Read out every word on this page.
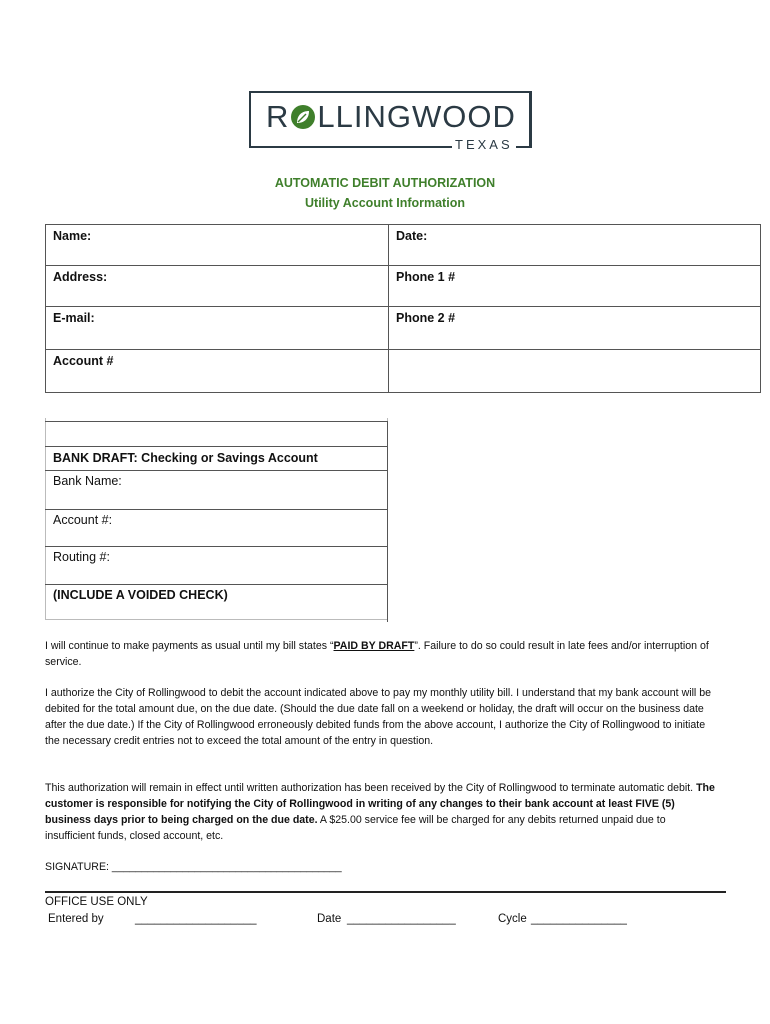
R LLINGWOOD
TEXAS
AUTOMATIC DEBIT AUTHORIZATION
Utility Account Information
Name:	Date:
Address:	Phone 1 #
E-mail:	Phone 2 #
Account #	

BANK DRAFT: Checking or Savings Account
Bank Name:
Account #:
Routing #:
(INCLUDE A VOIDED CHECK)
I will continue to make payments as usual until my bill states “PAID BY DRAFT”. Failure to do so could result in late fees and/or interruption of service.
I authorize the City of Rollingwood to debit the account indicated above to pay my monthly utility bill. I understand that my bank account will be debited for the total amount due, on the due date. (Should the due date fall on a weekend or holiday, the draft will occur on the business date after the due date.) If the City of Rollingwood erroneously debited funds from the above account, I authorize the City of Rollingwood to initiate the necessary credit entries not to exceed the total amount of the entry in question.
This authorization will remain in effect until written authorization has been received by the City of Rollingwood to terminate automatic debit. The customer is responsible for notifying the City of Rollingwood in writing of any changes to their bank account at least FIVE (5) business days prior to being charged on the due date. A $25.00 service fee will be charged for any debits returned unpaid due to insufficient funds, closed account, etc.
SIGNATURE: _______________________________________
OFFICE USE ONLY
Entered by	___________________	Date _________________	Cycle _______________
